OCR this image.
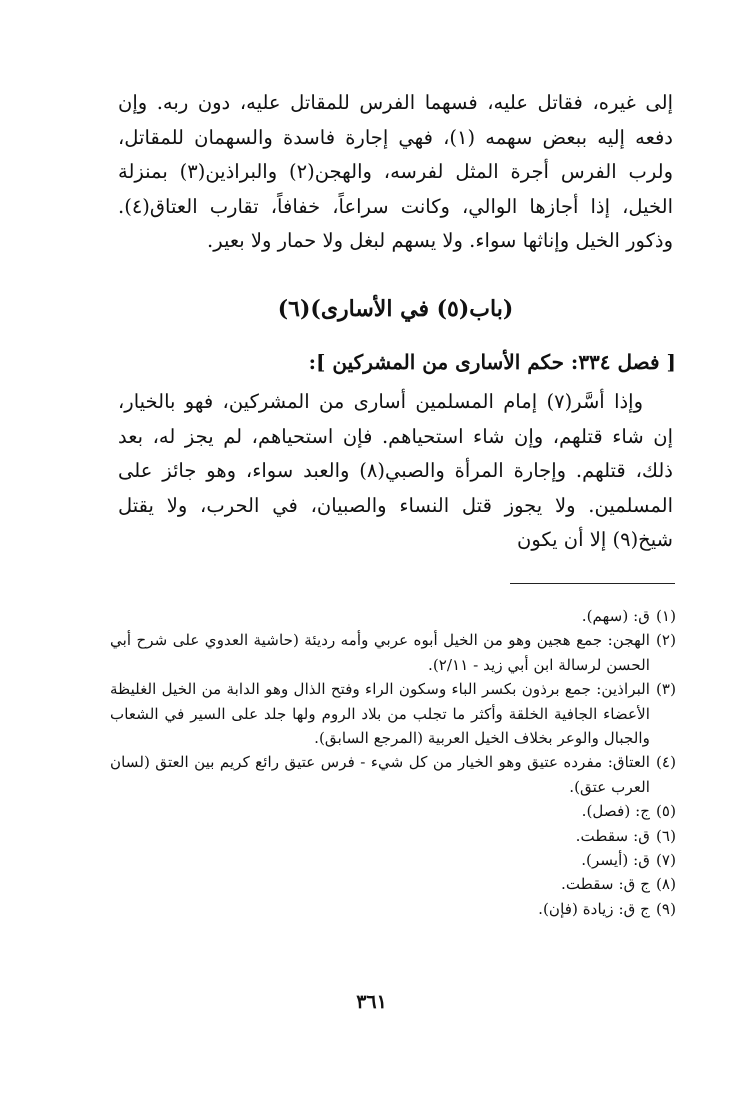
إلى غيره، فقاتل عليه، فسهما الفرس للمقاتل عليه، دون ربه. وإن دفعه إليه ببعض سهمه (١)، فهي إجارة فاسدة والسهمان للمقاتل، ولرب الفرس أجرة المثل لفرسه، والهجن(٢) والبراذين(٣) بمنزلة الخيل، إذا أجازها الوالي، وكانت سراعاً، خفافاً، تقارب العتاق(٤). وذكور الخيل وإناثها سواء. ولا يسهم لبغل ولا حمار ولا بعير.

(باب(٥) في الأسارى)(٦)
[ فصل ٣٣٤: حكم الأسارى من المشركين ]:

وإذا أسَّر(٧) إمام المسلمين أسارى من المشركين، فهو بالخيار، إن شاء قتلهم، وإن شاء استحياهم. فإن استحياهم، لم يجز له، بعد ذلك، قتلهم. وإجارة المرأة والصبي(٨) والعبد سواء، وهو جائز على المسلمين. ولا يجوز قتل النساء والصبيان، في الحرب، ولا يقتل شيخ(٩) إلا أن يكون

(١)
ق: (سهم).
(٢)
الهجن: جمع هجين وهو من الخيل أبوه عربي وأمه رديئة (حاشية العدوي على شرح أبي الحسن لرسالة ابن أبي زيد - ٢/١١).
(٣)
البراذين: جمع برذون بكسر الباء وسكون الراء وفتح الذال وهو الدابة من الخيل الغليظة الأعضاء الجافية الخلقة وأكثر ما تجلب من بلاد الروم ولها جلد على السير في الشعاب والجبال والوعر بخلاف الخيل العربية (المرجع السابق).
(٤)
العتاق: مفرده عتيق وهو الخيار من كل شيء - فرس عتيق رائع كريم بين العتق (لسان العرب عتق).
(٥)
ج: (فصل).
(٦)
ق: سقطت.
(٧)
ق: (أيسر).
(٨)
ج ق: سقطت.
(٩)
ج ق: زيادة (فإن).
٣٦١
